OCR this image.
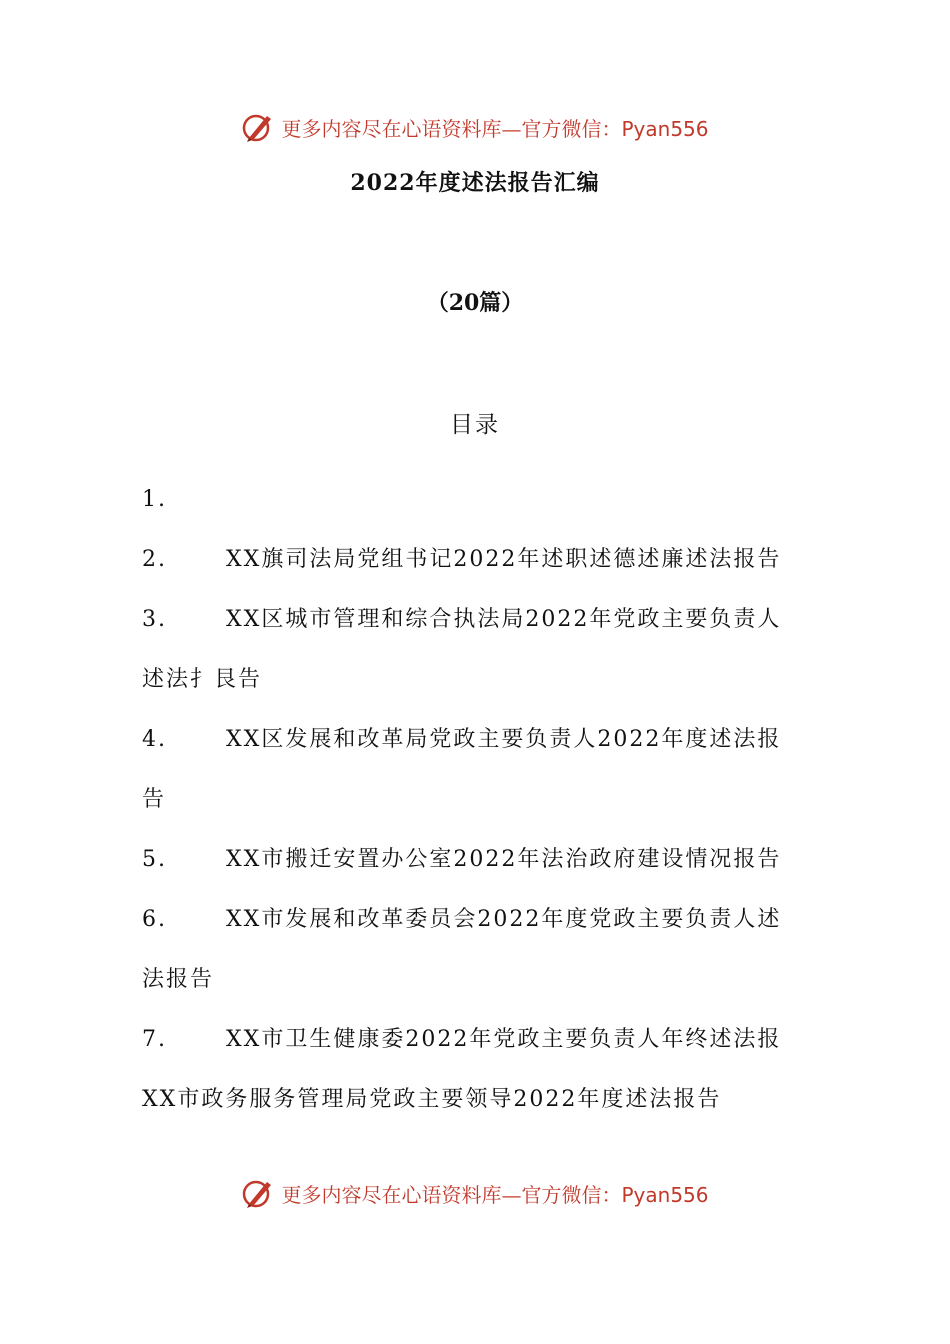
更多内容尽在心语资料库—官方微信：Pyan556
2022年度述法报告汇编
（20篇）
目录
1.
2.	XX旗司法局党组书记2022年述职述德述廉述法报告
3.	XX区城市管理和综合执法局2022年党政主要负责人
述法扌艮告
4.	XX区发展和改革局党政主要负责人2022年度述法报
告
5.	XX市搬迁安置办公室2022年法治政府建设情况报告
6.	XX市发展和改革委员会2022年度党政主要负责人述
法报告
7.	XX市卫生健康委2022年党政主要负责人年终述法报
XX市政务服务管理局党政主要领导2022年度述法报告
更多内容尽在心语资料库—官方微信：Pyan556
